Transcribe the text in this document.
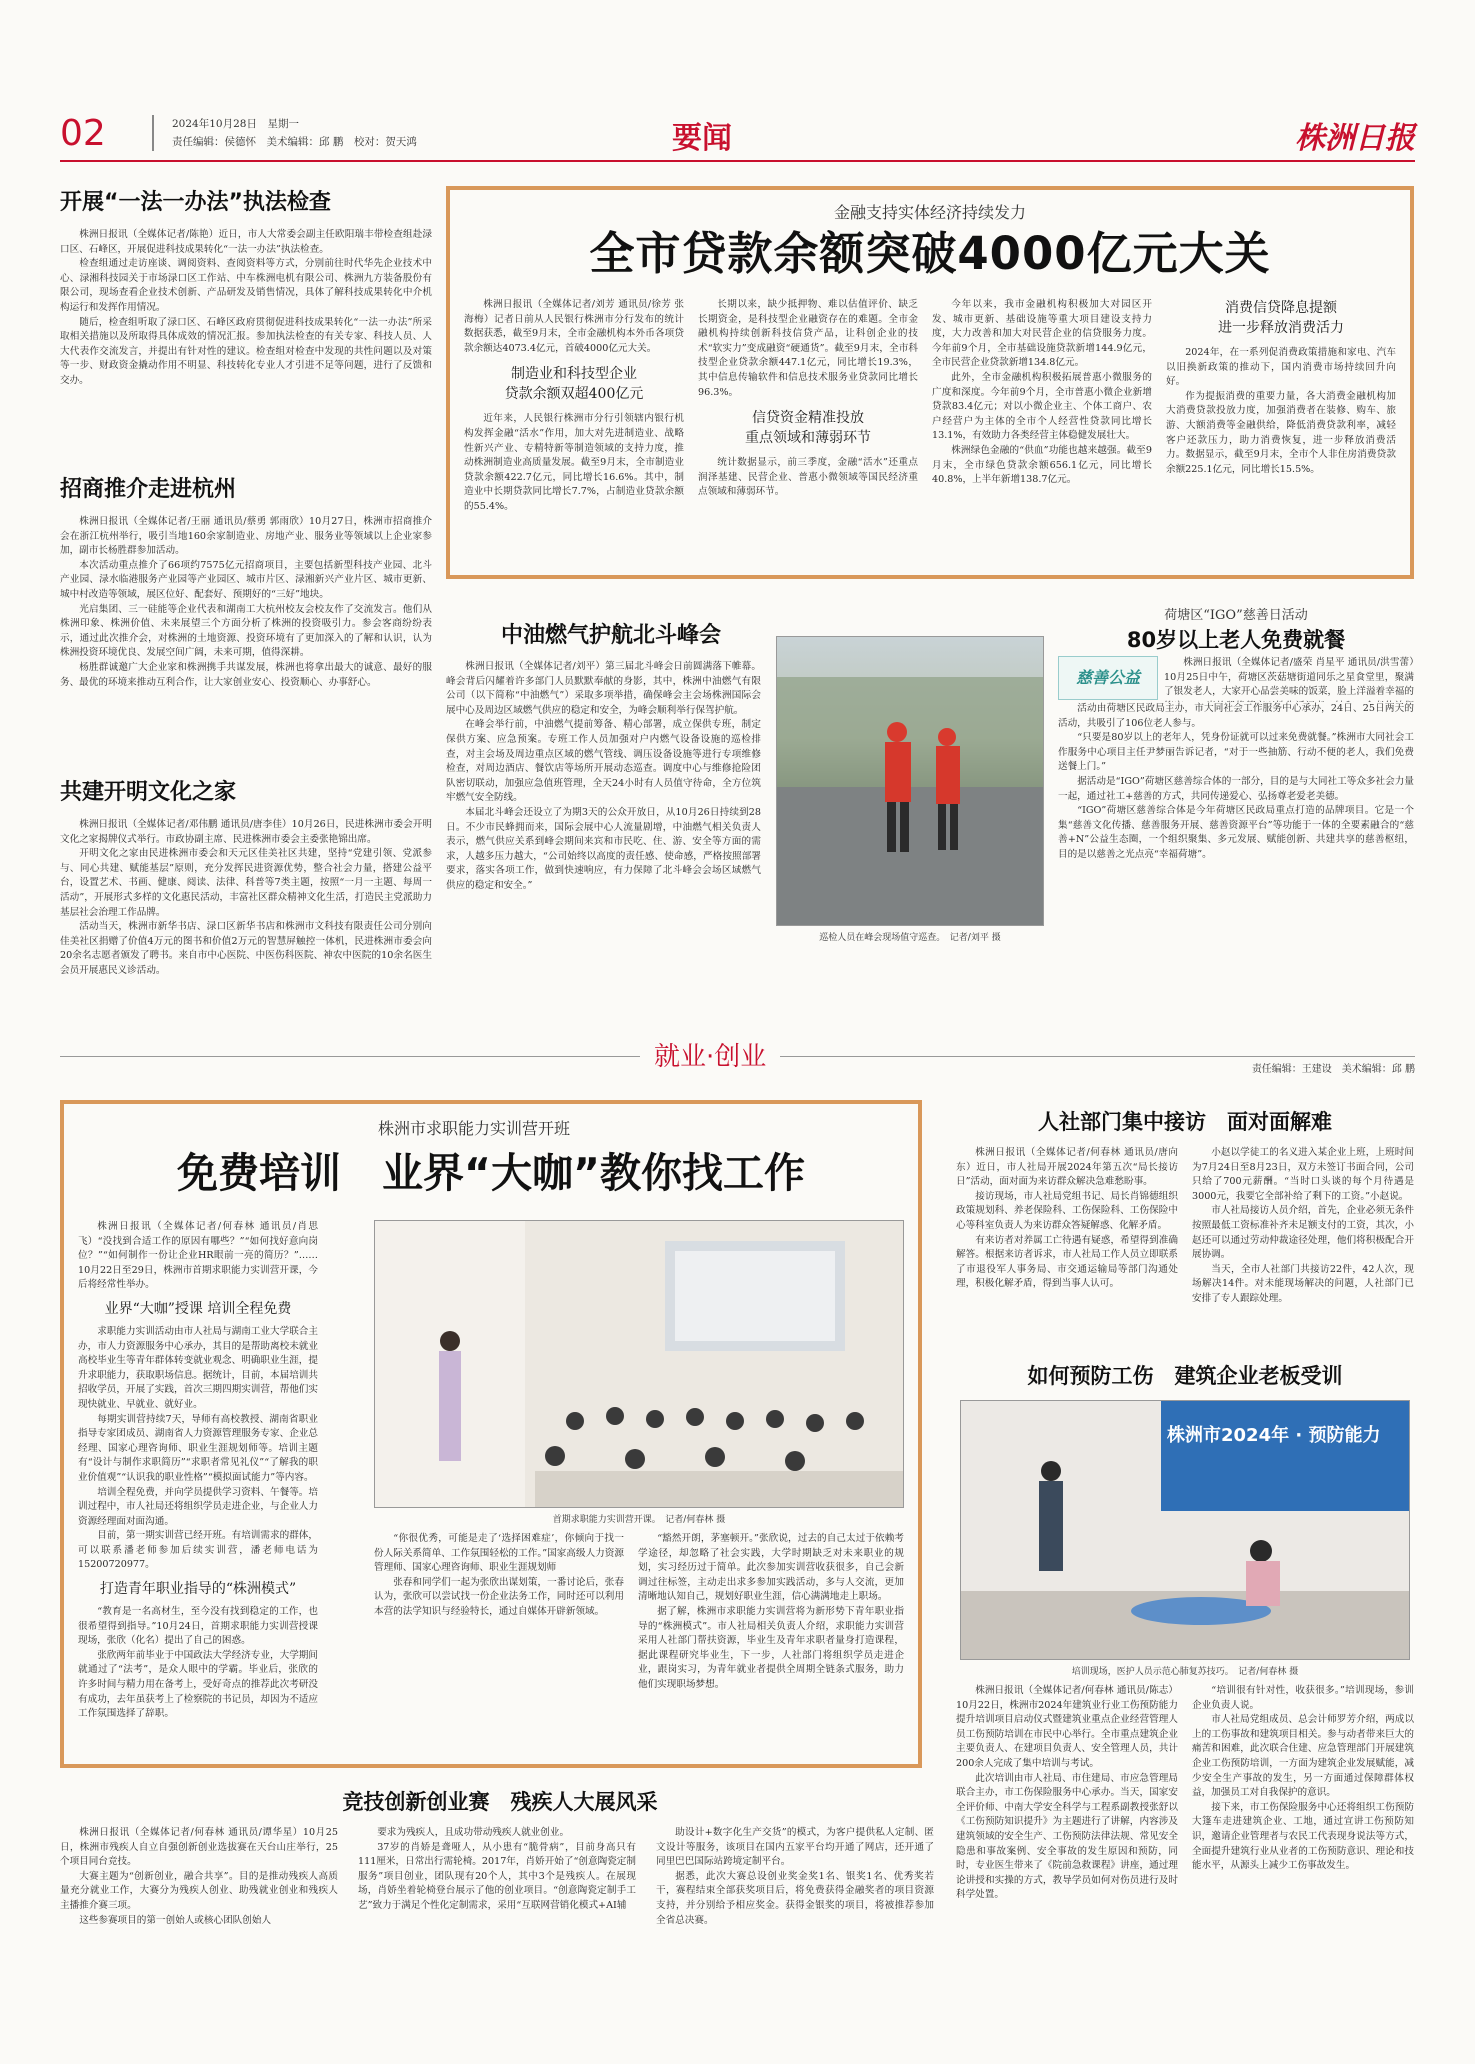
02	2024年10月28日　星期一
责任编辑：侯德怀　美术编辑：邱 鹏　校对：贺天鸿	要闻	株洲日报
开展“一法一办法”执法检查

株洲日报讯（全媒体记者/陈艳）近日，市人大常委会副主任欧阳瑞丰带检查组赴渌口区、石峰区，开展促进科技成果转化“一法一办法”执法检查。

检查组通过走访座谈、调阅资料、查阅资料等方式，分别前往时代华先企业技术中心、渌湘科技园关于市场渌口区工作站、中车株洲电机有限公司、株洲九方装备股份有限公司，现场查看企业技术创新、产品研发及销售情况，具体了解科技成果转化中介机构运行和发挥作用情况。

随后，检查组听取了渌口区、石峰区政府贯彻促进科技成果转化“一法一办法”所采取相关措施以及所取得具体成效的情况汇报。参加执法检查的有关专家、科技人员、人大代表作交流发言，并提出有针对性的建议。检查组对检查中发现的共性问题以及对策等一步、财政资金撬动作用不明显、科技转化专业人才引进不足等问题，进行了反馈和交办。

招商推介走进杭州

株洲日报讯（全媒体记者/王丽 通讯员/蔡勇 郭雨欣）10月27日，株洲市招商推介会在浙江杭州举行，吸引当地160余家制造业、房地产业、服务业等领域以上企业家参加，副市长杨胜群参加活动。

本次活动重点推介了66项约7575亿元招商项目，主要包括新型科技产业园、北斗产业园、渌水临港服务产业园等产业园区、城市片区、渌湘新兴产业片区、城市更新、城中村改造等领域，展区位好、配套好、预期好的“三好”地块。

光启集团、三一硅能等企业代表和湖南工大杭州校友会校友作了交流发言。他们从株洲印象、株洲价值、未来展望三个方面分析了株洲的投资吸引力。参会客商纷纷表示，通过此次推介会，对株洲的土地资源、投资环境有了更加深入的了解和认识，认为株洲投资环境优良、发展空间广阔，未来可期，值得深耕。

杨胜群诚邀广大企业家和株洲携手共谋发展，株洲也将拿出最大的诚意、最好的服务、最优的环境来推动互利合作，让大家创业安心、投资顺心、办事舒心。

共建开明文化之家

株洲日报讯（全媒体记者/邓伟鹏 通讯员/唐李佳）10月26日，民进株洲市委会开明文化之家揭牌仪式举行。市政协副主席、民进株洲市委会主委张艳锦出席。

开明文化之家由民进株洲市委会和天元区佳美社区共建，坚持“党建引领、党派参与、同心共建、赋能基层”原则，充分发挥民进资源优势，整合社会力量，搭建公益平台，设置艺术、书画、健康、阅读、法律、科普等7类主题，按照“一月一主题、每周一活动”，开展形式多样的文化惠民活动，丰富社区群众精神文化生活，打造民主党派助力基层社会治理工作品牌。

活动当天，株洲市新华书店、渌口区新华书店和株洲市文科技有限责任公司分别向佳美社区捐赠了价值4万元的图书和价值2万元的智慧屏触控一体机，民进株洲市委会向20余名志愿者颁发了聘书。来自市中心医院、中医伤科医院、神农中医院的10余名医生会员开展惠民义诊活动。

金融支持实体经济持续发力
全市贷款余额突破4000亿元大关

株洲日报讯（全媒体记者/刘芳 通讯员/徐芳 张海梅）记者日前从人民银行株洲市分行发布的统计数据获悉，截至9月末，全市金融机构本外币各项贷款余额达4073.4亿元，首破4000亿元大关。

制造业和科技型企业
贷款余额双超400亿元

近年来，人民银行株洲市分行引领辖内银行机构发挥金融“活水”作用，加大对先进制造业、战略性新兴产业、专精特新等制造领域的支持力度，推动株洲制造业高质量发展。截至9月末，全市制造业贷款余额422.7亿元，同比增长16.6%。其中，制造业中长期贷款同比增长7.7%，占制造业贷款余额的55.4%。

长期以来，缺少抵押物、难以估值评价、缺乏长期资金，是科技型企业融资存在的难题。全市金融机构持续创新科技信贷产品，让科创企业的技术“软实力”变成融资“硬通货”。截至9月末，全市科技型企业贷款余额447.1亿元，同比增长19.3%，其中信息传输软件和信息技术服务业贷款同比增长96.3%。

信贷资金精准投放
重点领域和薄弱环节

统计数据显示，前三季度，金融“活水”还重点润泽基建、民营企业、普惠小微领域等国民经济重点领域和薄弱环节。

今年以来，我市金融机构积极加大对园区开发、城市更新、基础设施等重大项目建设支持力度，大力改善和加大对民营企业的信贷服务力度。今年前9个月，全市基础设施贷款新增144.9亿元，全市民营企业贷款新增134.8亿元。

此外，全市金融机构积极拓展普惠小微服务的广度和深度。今年前9个月，全市普惠小微企业新增贷款83.4亿元；对以小微企业主、个体工商户、农户经营户为主体的全市个人经营性贷款同比增长13.1%，有效助力各类经营主体稳健发展壮大。

株洲绿色金融的“供血”功能也越来越强。截至9月末，全市绿色贷款余额656.1亿元，同比增长40.8%，上半年新增138.7亿元。

消费信贷降息提额
进一步释放消费活力

2024年，在一系列促消费政策措施和家电、汽车以旧换新政策的推动下，国内消费市场持续回升向好。

作为提振消费的重要力量，各大消费金融机构加大消费贷款投放力度，加强消费者在装修、购车、旅游、大额消费等金融供给，降低消费贷款利率，减轻客户还款压力，助力消费恢复，进一步释放消费活力。数据显示，截至9月末，全市个人非住房消费贷款余额225.1亿元，同比增长15.5%。

中油燃气护航北斗峰会

株洲日报讯（全媒体记者/刘平）第三届北斗峰会日前圆满落下帷幕。峰会背后闪耀着许多部门人员默默奉献的身影，其中，株洲中油燃气有限公司（以下简称“中油燃气”）采取多项举措，确保峰会主会场株洲国际会展中心及周边区域燃气供应的稳定和安全，为峰会顺利举行保驾护航。

在峰会举行前，中油燃气提前筹备、精心部署，成立保供专班，制定保供方案、应急预案。专班工作人员加强对户内燃气设备设施的巡检排查，对主会场及周边重点区域的燃气管线、调压设备设施等进行专项维修检查，对周边酒店、餐饮店等场所开展动态巡查。调度中心与维修抢险团队密切联动，加强应急值班管理，全天24小时有人员值守待命，全方位筑牢燃气安全防线。

本届北斗峰会还设立了为期3天的公众开放日，从10月26日持续到28日。不少市民蜂拥而来，国际会展中心人流量剧增，中油燃气相关负责人表示，燃气供应关系到峰会期间来宾和市民吃、住、游、安全等方面的需求，人越多压力越大，“公司始终以高度的责任感、使命感，严格按照部署要求，落实各项工作，做到快速响应，有力保障了北斗峰会会场区域燃气供应的稳定和安全。”

巡检人员在峰会现场值守巡查。　记者/刘平 摄
荷塘区“IGO”慈善日活动
80岁以上老人免费就餐
慈善公益

株洲日报讯（全媒体记者/盛荣 肖星平 通讯员/洪雪蕾）10月25日中午，荷塘区茨菇塘街道同乐之星食堂里，聚满了银发老人，大家开心品尝美味的饭菜，脸上洋溢着幸福的

活动由荷塘区民政局主办，市大同社会工作服务中心承办，24日、25日两天的活动，共吸引了106位老人参与。

“只要是80岁以上的老年人，凭身份证就可以过来免费就餐。”株洲市大同社会工作服务中心项目主任尹梦丽告诉记者，“对于一些抽筋、行动不便的老人，我们免费送餐上门。”

据活动是“IGO”荷塘区慈善综合体的一部分，目的是与大同社工等众多社会力量一起，通过社工+慈善的方式，共同传递爱心、弘扬尊老爱老美德。

“IGO”荷塘区慈善综合体是今年荷塘区民政局重点打造的品牌项目。它是一个集“慈善文化传播、慈善服务开展、慈善资源平台”等功能于一体的全要素融合的“慈善+N”公益生态圈，一个组织聚集、多元发展、赋能创新、共建共享的慈善枢纽，目的是以慈善之光点亮“幸福荷塘”。

就业·创业	责任编辑：王建设　美术编辑：邱 鹏
株洲市求职能力实训营开班
免费培训　业界“大咖”教你找工作

株洲日报讯（全媒体记者/何春林 通讯员/肖思飞）“没找到合适工作的原因有哪些？”“如何找好意向岗位？”“如何制作一份让企业HR眼前一亮的简历？”……10月22日至29日，株洲市首期求职能力实训营开课，今后将经常性举办。

业界“大咖”授课 培训全程免费

求职能力实训活动由市人社局与湖南工业大学联合主办，市人力资源服务中心承办，其目的是帮助离校未就业高校毕业生等青年群体转变就业观念、明确职业生涯，提升求职能力，获取职场信息。据统计，目前，本届培训共招收学员，开展了实践，首次三期四期实训营，帮他们实现快就业、早就业、就好业。

每期实训营持续7天，导师有高校教授、湖南省职业指导专家团成员、湖南省人力资源管理服务专家、企业总经理、国家心理咨询师、职业生涯规划师等。培训主题有“设计与制作求职简历”“求职者常见礼仪”“了解我的职业价值观”“认识我的职业性格”“模拟面试能力”等内容。

培训全程免费，并向学员提供学习资料、午餐等。培训过程中，市人社局还将组织学员走进企业，与企业人力资源经理面对面沟通。

目前，第一期实训营已经开班。有培训需求的群体，可以联系潘老师参加后续实训营，潘老师电话为15200720977。

打造青年职业指导的“株洲模式”

“教育是一名高材生，至今没有找到稳定的工作，也很希望得到指导。”10月24日，首期求职能力实训营授课现场，张欣（化名）提出了自己的困惑。

张欣两年前毕业于中国政法大学经济专业，大学期间就通过了“法考”，是众人眼中的学霸。毕业后，张欣的许多时间与精力用在备考上，受好奇点的推荐此次考研没有成功，去年虽获考上了检察院的书记员，却因为不适应工作氛围选择了辞职。

首期求职能力实训营开课。　记者/何春林 摄

“你很优秀，可能是走了‘选择困难症’，你倾向于找一份人际关系简单、工作氛围轻松的工作。”国家高级人力资源管理师、国家心理咨询师、职业生涯规划师

张春和同学们一起为张欣出谋划策，一番讨论后，张春认为，张欣可以尝试找一份企业法务工作，同时还可以利用本营的法学知识与经验特长，通过自媒体开辟新领域。

“豁然开朗，茅塞顿开。”张欣说，过去的自己太过于依赖考学途径，却忽略了社会实践，大学时期缺乏对未来职业的规划，实习经历过于简单。此次参加实训营收获很多，自己会新调过往标签，主动走出求多参加实践活动，多与人交流，更加清晰地认知自己，规划好职业生涯，信心满满地走上职场。

据了解，株洲市求职能力实训营将为新形势下青年职业指导的“株洲模式”。市人社局相关负责人介绍，求职能力实训营采用人社部门帮扶资源，毕业生及青年求职者量身打造课程，据此课程研究毕业生，下一步，人社部门将组织学员走进企业，跟岗实习，为青年就业者提供全周期全链条式服务，助力他们实现职场梦想。

人社部门集中接访　面对面解难

株洲日报讯（全媒体记者/何春林 通讯员/唐向东）近日，市人社局开展2024年第五次“局长接访日”活动，面对面为来访群众解决急难愁盼事。

接访现场，市人社局党组书记、局长肖锦德组织政策规划科、养老保险科、工伤保险科、工伤保险中心等科室负责人为来访群众答疑解惑、化解矛盾。

有来访者对养属工亡待遇有疑惑，希望得到准确解答。根据来访者诉求，市人社局工作人员立即联系了市退役军人事务局、市交通运输局等部门沟通处理，积极化解矛盾，得到当事人认可。

小赵以学徒工的名义进入某企业上班，上班时间为7月24日至8月23日，双方未签订书面合同，公司只给了700元薪酬。“当时口头谈的每个月待遇是3000元，我要它全部补给了剩下的工资。”小赵说。

市人社局接访人员介绍，首先，企业必须无条件按照最低工资标准补齐未足额支付的工资，其次，小赵还可以通过劳动仲裁途径处理，他们将积极配合开展协调。

当天，全市人社部门共接访22件，42人次，现场解决14件。对未能现场解决的问题，人社部门已安排了专人跟踪处理。

如何预防工伤　建筑企业老板受训
株洲市2024年 · 预防能力
培训现场，医护人员示范心肺复苏技巧。　记者/何春林 摄

株洲日报讯（全媒体记者/何春林 通讯员/陈志）10月22日，株洲市2024年建筑业行业工伤预防能力提升培训项目启动仪式暨建筑业重点企业经营管理人员工伤预防培训在市民中心举行。全市重点建筑企业主要负责人、在建项目负责人、安全管理人员，共计200余人完成了集中培训与考试。

此次培训由市人社局、市住建局、市应急管理局联合主办，市工伤保险服务中心承办。当天，国家安全评价师、中南大学安全科学与工程系副教授张舒以《工伤预防知识提升》为主题进行了讲解，内容涉及建筑领域的安全生产、工伤预防法律法规、常见安全隐患和事故案例、安全事故的发生原因和预防，同时，专业医生带来了《院前急救课程》讲座，通过理论讲授和实操的方式，教导学员如何对伤员进行及时科学处置。

“培训很有针对性，收获很多。”培训现场，参训企业负责人说。

市人社局党组成员、总会计师罗芳介绍，两成以上的工伤事故和建筑项目相关。参与动者带来巨大的痛苦和困难，此次联合住建、应急管理部门开展建筑企业工伤预防培训，一方面为建筑企业发展赋能，减少安全生产事故的发生，另一方面通过保障群体权益，加强员工对自我保护的意识。

接下来，市工伤保险服务中心还将组织工伤预防大篷车走进建筑企业、工地，通过宣讲工伤预防知识，邀请企业管理者与农民工代表现身说法等方式，全面提升建筑行业从业者的工伤预防意识、理论和技能水平，从源头上减少工伤事故发生。

竞技创新创业赛　残疾人大展风采

株洲日报讯（全媒体记者/何春林 通讯员/谭华星）10月25日，株洲市残疾人自立自强创新创业选拔赛在天台山庄举行，25个项目同台竞技。

大赛主题为“创新创业，融合共享”。目的是推动残疾人高质量充分就业工作，大赛分为残疾人创业、助残就业创业和残疾人主播推介赛三项。

这些参赛项目的第一创始人或核心团队创始人

要求为残疾人，且成功带动残疾人就业创业。

37岁的肖娇是聋哑人，从小患有“脆骨病”，目前身高只有111厘米，日常出行需轮椅。2017年，肖娇开始了“创意陶瓷定制服务”项目创业，团队现有20个人，其中3个是残疾人。在展现场，肖娇坐着轮椅登台展示了他的创业项目。“创意陶瓷定制手工艺”致力于满足个性化定制需求，采用“互联网营销化模式+AI辅

助设计+数字化生产交货”的模式，为客户提供私人定制、匿文设计等服务，该项目在国内五家平台均开通了网店，还开通了同里巴巴国际站跨境定制平台。

据悉，此次大赛总设创业奖金奖1名、银奖1名、优秀奖若干，赛程结束全部获奖项目后，将免费获得金融奖者的项目资源支持，并分别给予相应奖金。获得金银奖的项目，将被推荐参加全省总决赛。
